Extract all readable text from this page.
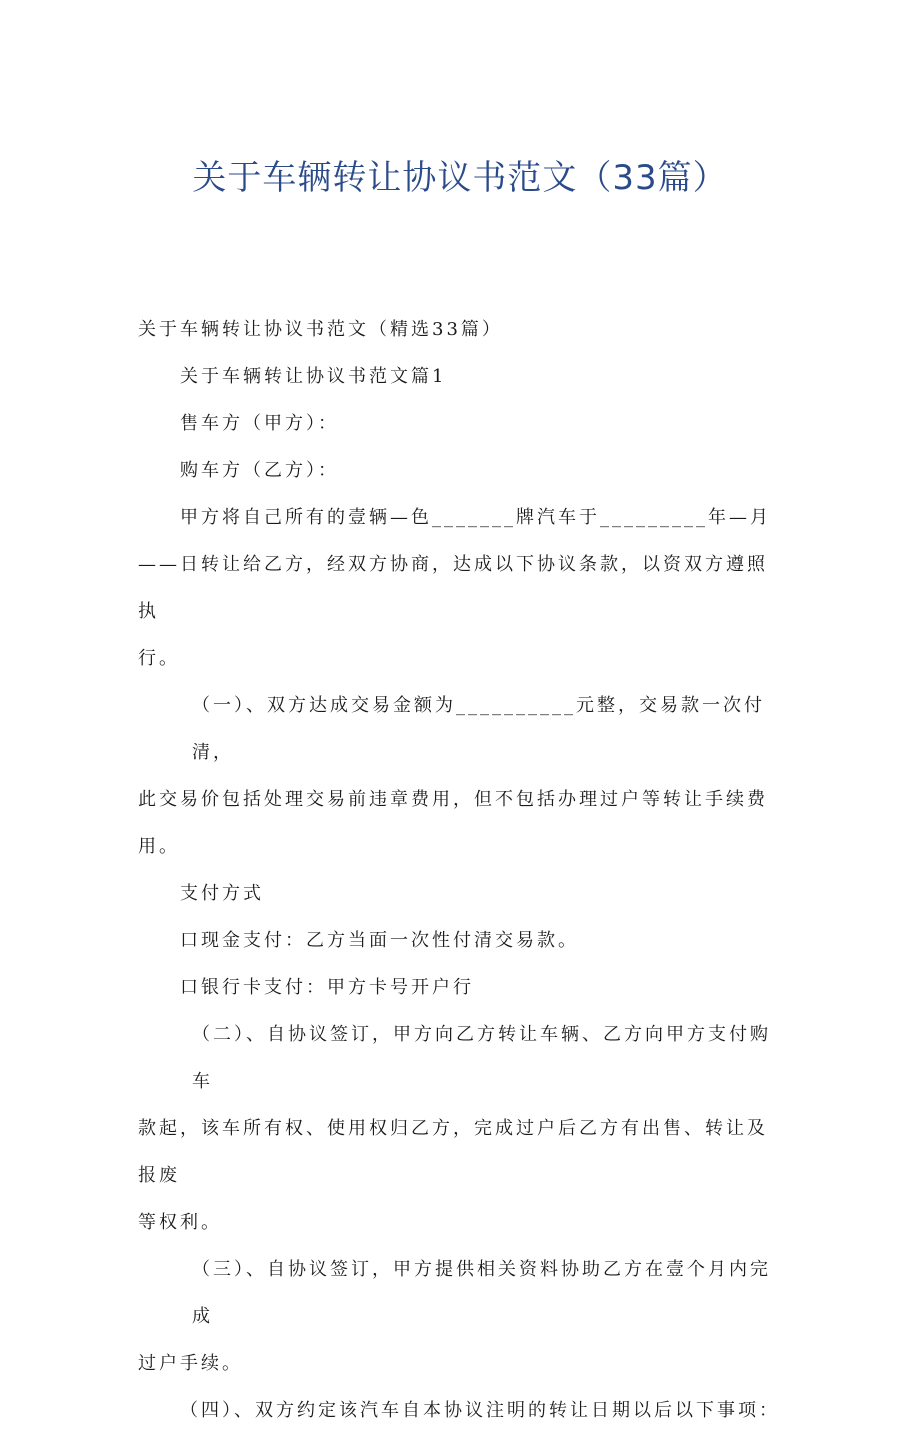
关于车辆转让协议书范文（33篇）

关于车辆转让协议书范文（精选33篇）

关于车辆转让协议书范文篇1

售车方（甲方）：

购车方（乙方）：

甲方将自己所有的壹辆—色_______牌汽车于_________年—月

——日转让给乙方，经双方协商，达成以下协议条款，以资双方遵照执

行。

（一）、双方达成交易金额为__________元整，交易款一次付清，

此交易价包括处理交易前违章费用，但不包括办理过户等转让手续费用。

支付方式

口现金支付：乙方当面一次性付清交易款。

口银行卡支付：甲方卡号开户行

（二）、自协议签订，甲方向乙方转让车辆、乙方向甲方支付购车

款起，该车所有权、使用权归乙方，完成过户后乙方有出售、转让及报废

等权利。

（三）、自协议签订，甲方提供相关资料协助乙方在壹个月内完成

过户手续。

（四）、双方约定该汽车自本协议注明的转让日期以后以下事项：
